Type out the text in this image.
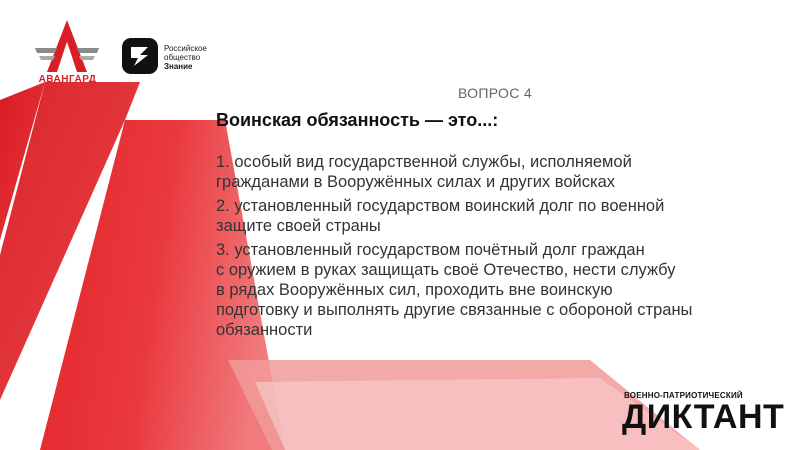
АВАНГАРД
Российское
общество
Знание
ВОПРОС 4
Воинская обязанность — это...:
1. особый вид государственной службы, исполняемой
гражданами в Вооружённых силах и других войсках
2. установленный государством воинский долг по военной
защите своей страны
3. установленный государством почётный долг граждан
с оружием в руках защищать своё Отечество, нести службу
в рядах Вооружённых сил, проходить вне воинскую
подготовку и выполнять другие связанные с обороной страны
обязанности
ВОЕННО-ПАТРИОТИЧЕСКИЙ
ДИКТАНТ
